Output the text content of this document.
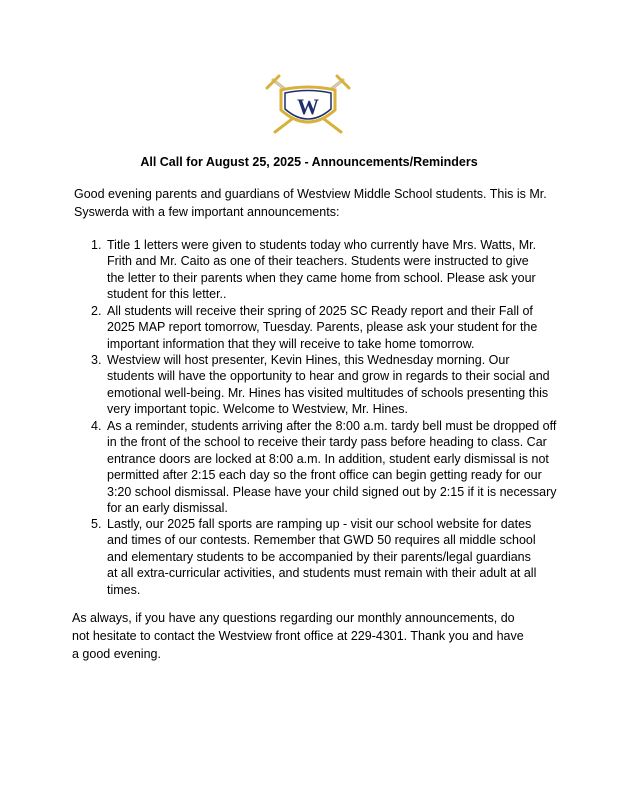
W
All Call for August 25, 2025 - Announcements/Reminders
Good evening parents and guardians of Westview Middle School students. This is Mr.
Syswerda with a few important announcements:
1. Title 1 letters were given to students today who currently have Mrs. Watts, Mr.
Frith and Mr. Caito as one of their teachers. Students were instructed to give
the letter to their parents when they came home from school. Please ask your
student for this letter..
2. All students will receive their spring of 2025 SC Ready report and their Fall of
2025 MAP report tomorrow, Tuesday. Parents, please ask your student for the
important information that they will receive to take home tomorrow.
3. Westview will host presenter, Kevin Hines, this Wednesday morning. Our
students will have the opportunity to hear and grow in regards to their social and
emotional well-being. Mr. Hines has visited multitudes of schools presenting this
very important topic. Welcome to Westview, Mr. Hines.
4. As a reminder, students arriving after the 8:00 a.m. tardy bell must be dropped off
in the front of the school to receive their tardy pass before heading to class. Car
entrance doors are locked at 8:00 a.m. In addition, student early dismissal is not
permitted after 2:15 each day so the front office can begin getting ready for our
3:20 school dismissal. Please have your child signed out by 2:15 if it is necessary
for an early dismissal.
5. Lastly, our 2025 fall sports are ramping up - visit our school website for dates
and times of our contests. Remember that GWD 50 requires all middle school
and elementary students to be accompanied by their parents/legal guardians
at all extra-curricular activities, and students must remain with their adult at all
times.
As always, if you have any questions regarding our monthly announcements, do
not hesitate to contact the Westview front office at 229-4301. Thank you and have
a good evening.
